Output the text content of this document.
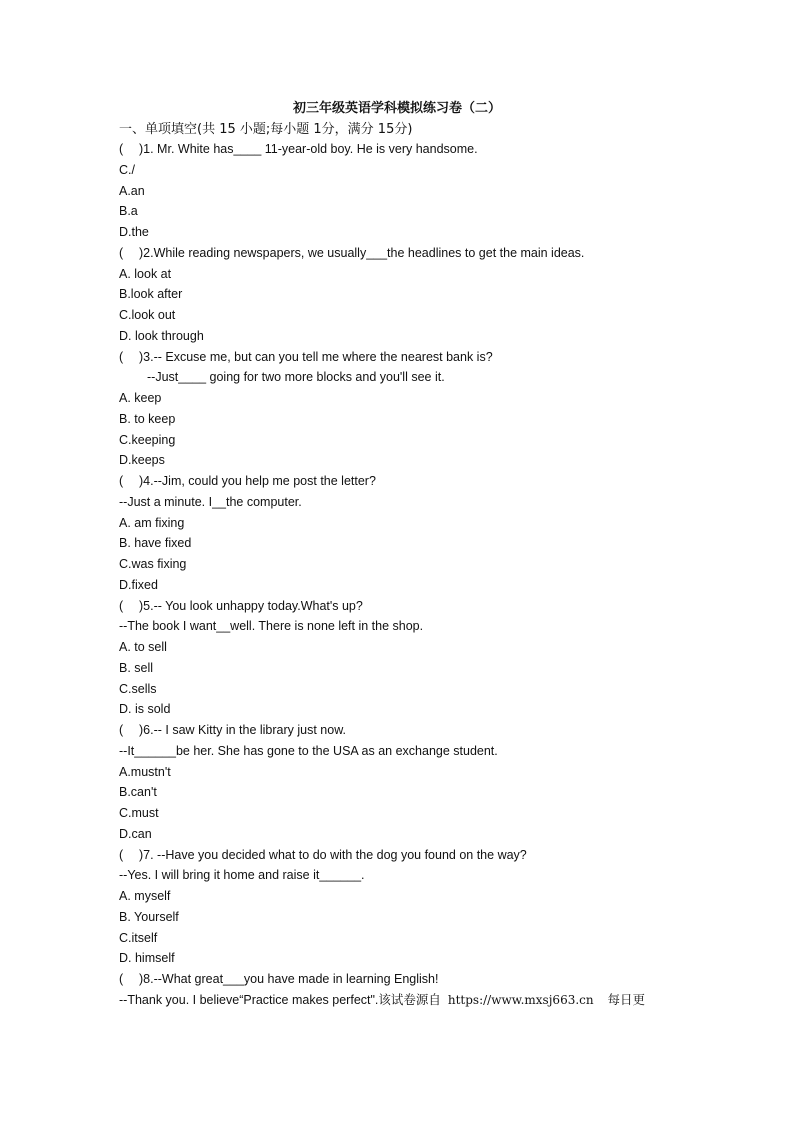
初三年级英语学科模拟练习卷（二）
一、单项填空(共 15 小题;每小题 1分，满分 15分)
( )1. Mr. White has____ 11-year-old boy. He is very handsome.
C./
A.an
B.a
D.the
( )2.While reading newspapers, we usually___the headlines to get the main ideas.
A. look at
B.look after
C.look out
D. look through
( )3.-- Excuse me, but can you tell me where the nearest bank is?
--Just____ going for two more blocks and you'll see it.
A. keep
B. to keep
C.keeping
D.keeps
( )4.--Jim, could you help me post the letter?
--Just a minute. I__the computer.
A. am fixing
B. have fixed
C.was fixing
D.fixed
( )5.-- You look unhappy today.What's up?
--The book I want__well. There is none left in the shop.
A. to sell
B. sell
C.sells
D. is sold
( )6.-- I saw Kitty in the library just now.
--It______be her. She has gone to the USA as an exchange student.
A.mustn't
B.can't
C.must
D.can
( )7. --Have you decided what to do with the dog you found on the way?
--Yes. I will bring it home and raise it______.
A. myself
B. Yourself
C.itself
D. himself
( )8.--What great___you have made in learning English!
--Thank you. I believe“Practice makes perfect".该试卷源自 https://www.mxsj663.cn 每日更
